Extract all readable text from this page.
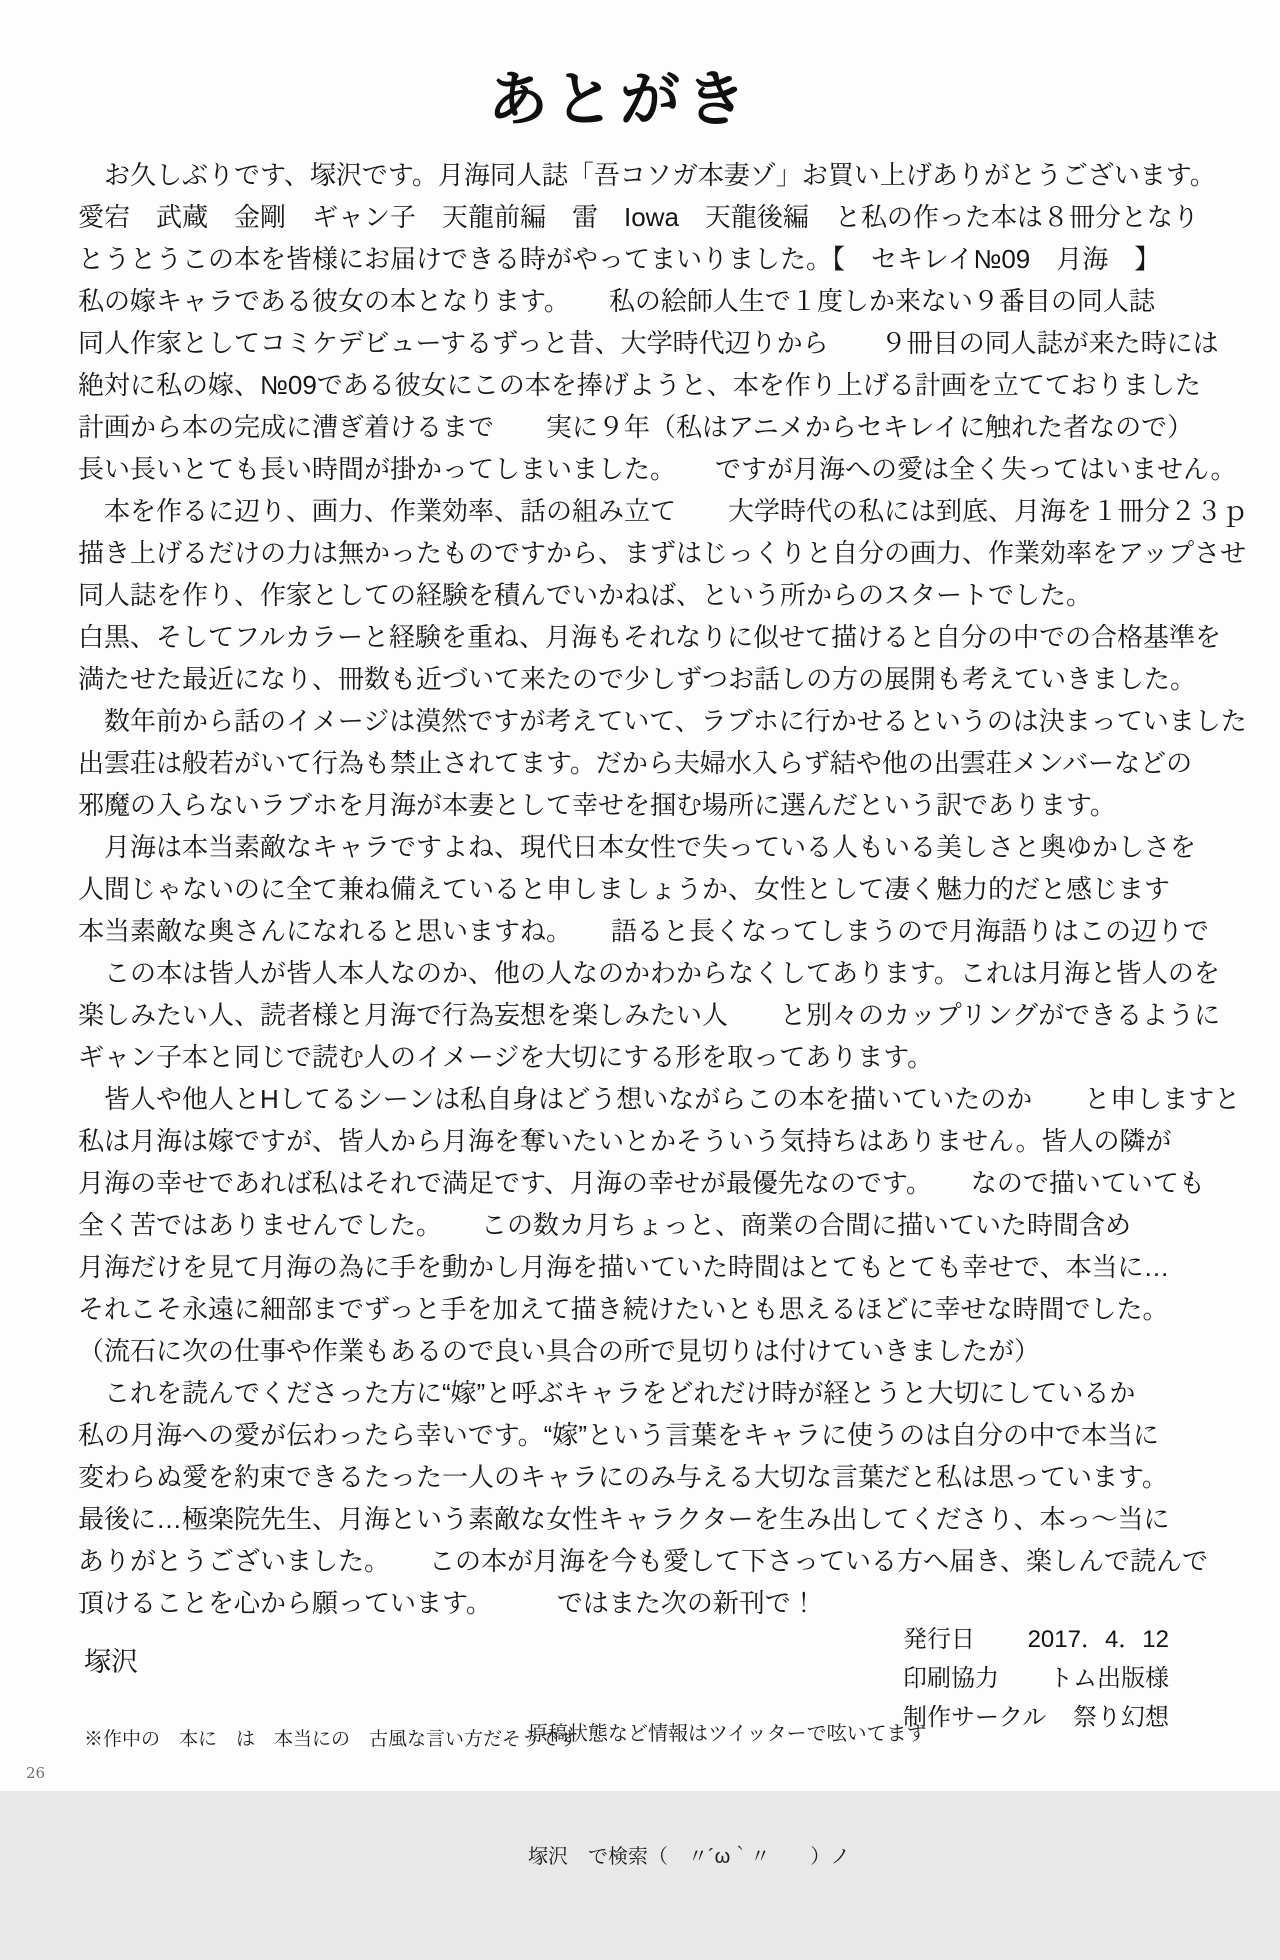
あとがき
　お久しぶりです、塚沢です。月海同人誌「吾コソガ本妻ゾ」お買い上げありがとうございます。
愛宕　武蔵　金剛　ギャン子　天龍前編　雷　Iowa　天龍後編　と私の作った本は８冊分となり
とうとうこの本を皆様にお届けできる時がやってまいりました。【　セキレイ№09　月海　】
私の嫁キャラである彼女の本となります。　　私の絵師人生で１度しか来ない９番目の同人誌
同人作家としてコミケデビューするずっと昔、大学時代辺りから　　９冊目の同人誌が来た時には
絶対に私の嫁、№09である彼女にこの本を捧げようと、本を作り上げる計画を立てておりました
計画から本の完成に漕ぎ着けるまで　　実に９年（私はアニメからセキレイに触れた者なので）
長い長いとても長い時間が掛かってしまいました。　　ですが月海への愛は全く失ってはいません。
　本を作るに辺り、画力、作業効率、話の組み立て　　大学時代の私には到底、月海を１冊分２３ｐ
描き上げるだけの力は無かったものですから、まずはじっくりと自分の画力、作業効率をアップさせ
同人誌を作り、作家としての経験を積んでいかねば、という所からのスタートでした。
白黒、そしてフルカラーと経験を重ね、月海もそれなりに似せて描けると自分の中での合格基準を
満たせた最近になり、冊数も近づいて来たので少しずつお話しの方の展開も考えていきました。
　数年前から話のイメージは漠然ですが考えていて、ラブホに行かせるというのは決まっていました
出雲荘は般若がいて行為も禁止されてます。だから夫婦水入らず結や他の出雲荘メンバーなどの
邪魔の入らないラブホを月海が本妻として幸せを掴む場所に選んだという訳であります。
　月海は本当素敵なキャラですよね、現代日本女性で失っている人もいる美しさと奥ゆかしさを
人間じゃないのに全て兼ね備えていると申しましょうか、女性として凄く魅力的だと感じます
本当素敵な奥さんになれると思いますね。　　語ると長くなってしまうので月海語りはこの辺りで
　この本は皆人が皆人本人なのか、他の人なのかわからなくしてあります。これは月海と皆人のを
楽しみたい人、読者様と月海で行為妄想を楽しみたい人　　と別々のカップリングができるように
ギャン子本と同じで読む人のイメージを大切にする形を取ってあります。
　皆人や他人とHしてるシーンは私自身はどう想いながらこの本を描いていたのか　　と申しますと
私は月海は嫁ですが、皆人から月海を奪いたいとかそういう気持ちはありません。皆人の隣が
月海の幸せであれば私はそれで満足です、月海の幸せが最優先なのです。　　なので描いていても
全く苦ではありませんでした。　　この数カ月ちょっと、商業の合間に描いていた時間含め
月海だけを見て月海の為に手を動かし月海を描いていた時間はとてもとても幸せで、本当に…
それこそ永遠に細部までずっと手を加えて描き続けたいとも思えるほどに幸せな時間でした。
（流石に次の仕事や作業もあるので良い具合の所で見切りは付けていきましたが）
　これを読んでくださった方に“嫁”と呼ぶキャラをどれだけ時が経とうと大切にしているか
私の月海への愛が伝わったら幸いです。“嫁”という言葉をキャラに使うのは自分の中で本当に
変わらぬ愛を約束できるたった一人のキャラにのみ与える大切な言葉だと私は思っています。
最後に…極楽院先生、月海という素敵な女性キャラクターを生み出してくださり、本っ～当に
ありがとうございました。　　この本が月海を今も愛して下さっている方へ届き、楽しんで読んで
頂けることを心から願っています。　　　ではまた次の新刊で！
塚沢
※作中の　本に　は　本当にの　古風な言い方だそうです

原稿状態など情報はツイッターで呟いてます

塚沢　で検索（　〃´ω｀〃　　）ノ

発行日 2017．4．12
印刷協力 トム出版様
制作サークル 祭り幻想
26
